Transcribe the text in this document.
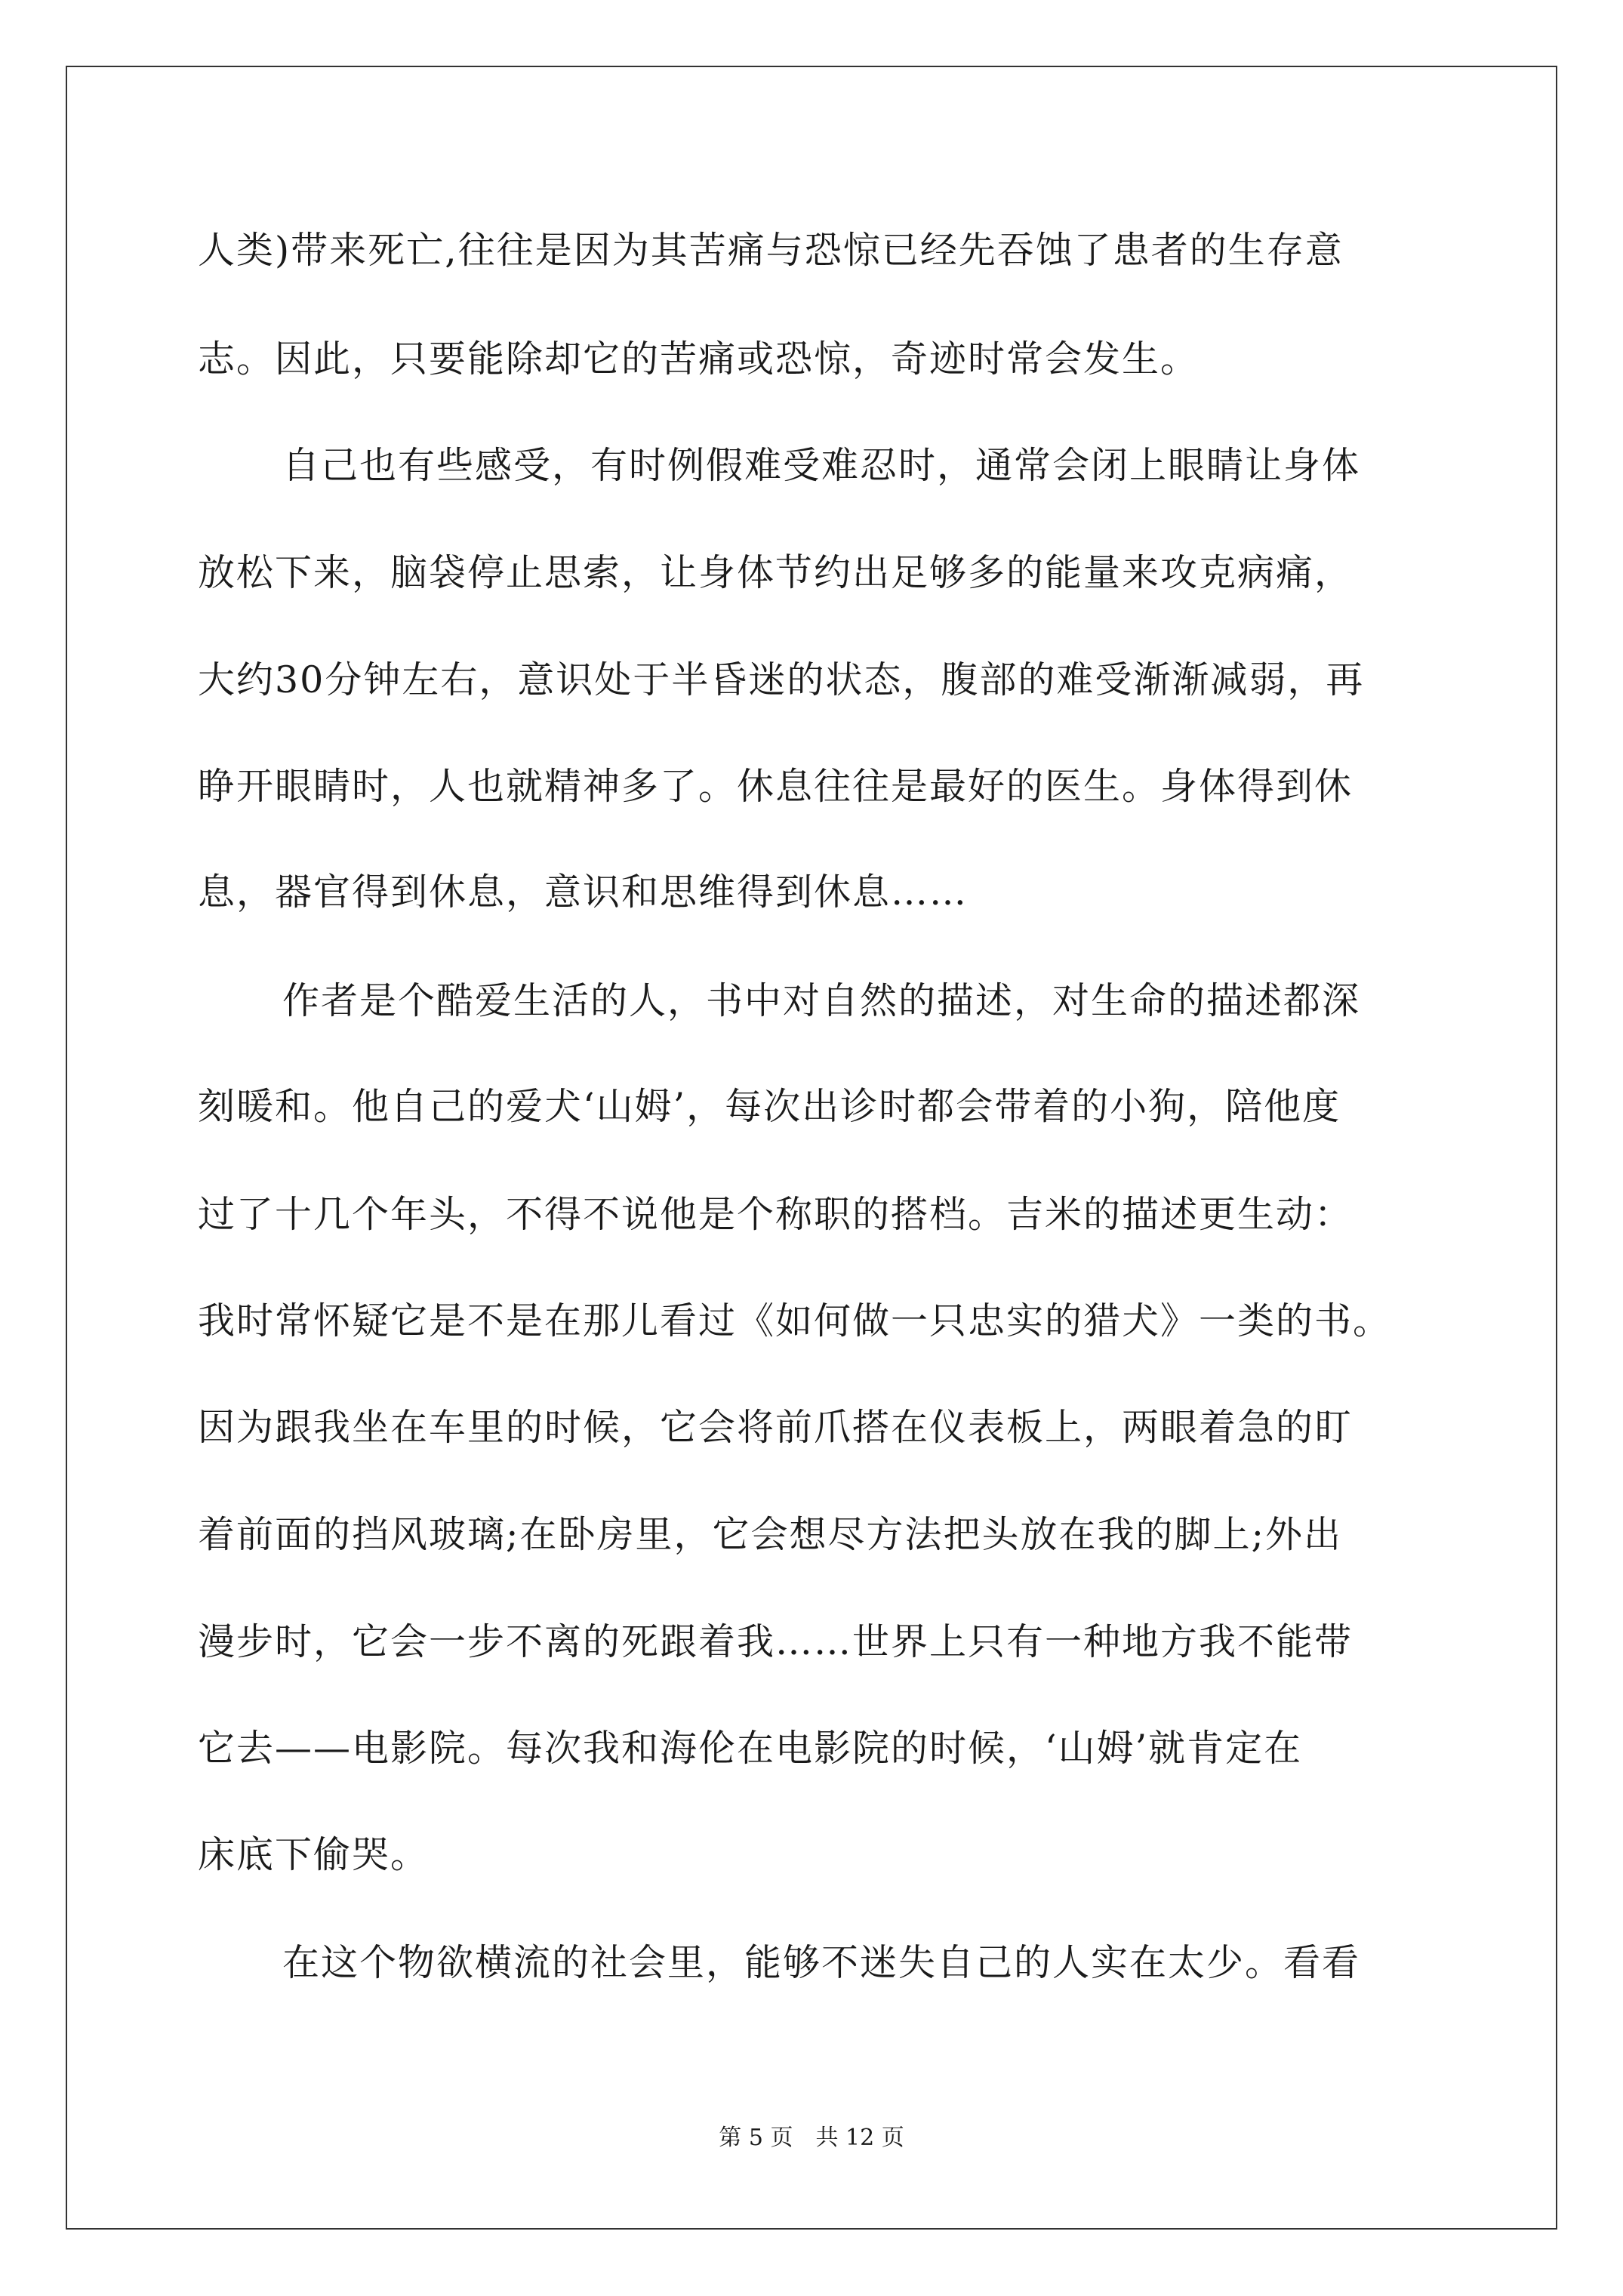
人类)带来死亡,往往是因为其苦痛与恐惊已经先吞蚀了患者的生存意
志。因此，只要能除却它的苦痛或恐惊，奇迹时常会发生。
自己也有些感受，有时例假难受难忍时，通常会闭上眼睛让身体
放松下来，脑袋停止思索，让身体节约出足够多的能量来攻克病痛，
大约30分钟左右，意识处于半昏迷的状态，腹部的难受渐渐减弱，再
睁开眼睛时，人也就精神多了。休息往往是最好的医生。身体得到休
息，器官得到休息，意识和思维得到休息……
作者是个酷爱生活的人，书中对自然的描述，对生命的描述都深
刻暖和。他自己的爱犬‘山姆’，每次出诊时都会带着的小狗，陪他度
过了十几个年头，不得不说他是个称职的搭档。吉米的描述更生动：
我时常怀疑它是不是在那儿看过《如何做一只忠实的猎犬》一类的书。
因为跟我坐在车里的时候，它会将前爪搭在仪表板上，两眼着急的盯
着前面的挡风玻璃;在卧房里，它会想尽方法把头放在我的脚上;外出
漫步时，它会一步不离的死跟着我……世界上只有一种地方我不能带
它去——电影院。每次我和海伦在电影院的时候，‘山姆’就肯定在
床底下偷哭。
在这个物欲横流的社会里，能够不迷失自己的人实在太少。看看
第 5 页　共 12 页
